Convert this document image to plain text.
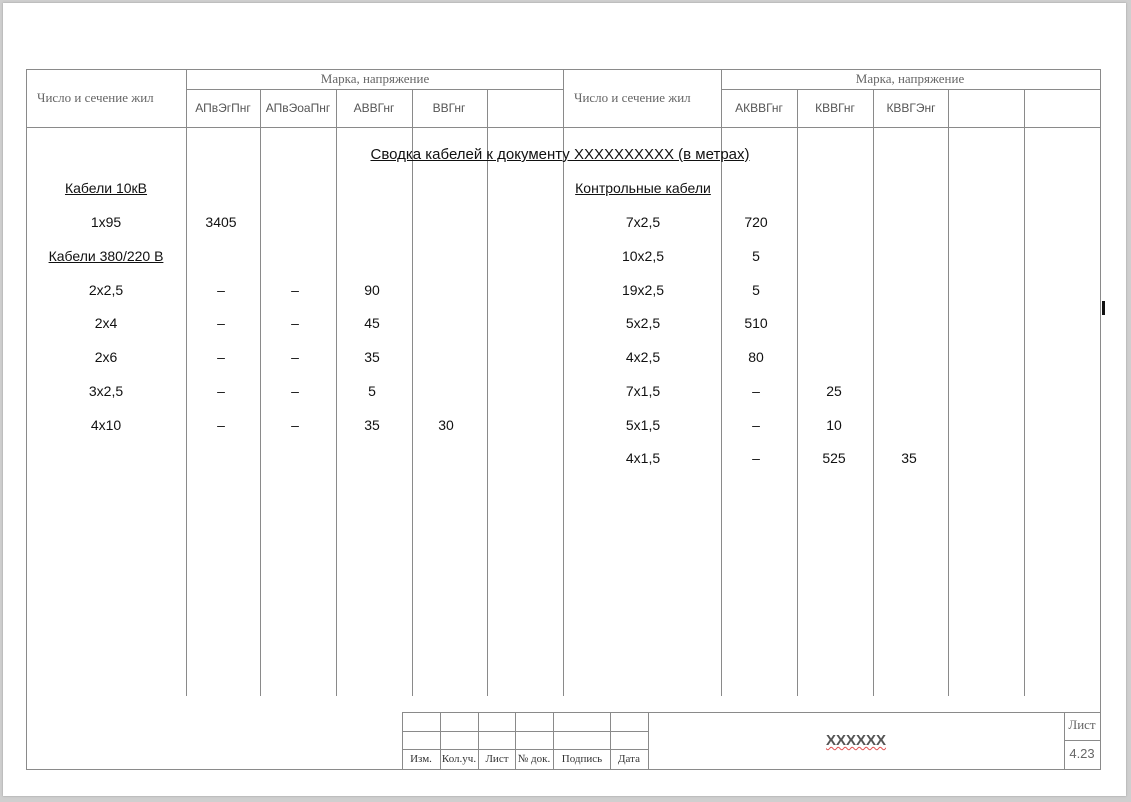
Число и сечение жил
Марка, напряжение
АПвЭгПнг АПвЭоаПнг АВВГнг	ВВГнг
Число и сечение жил
Марка, напряжение
АКВВГнг	КВВГнг	КВВГЭнг
Сводка кабелей к документу XXXXXXXXXX (в метрах)
Кабели 10кВ
Кабели 380/220 В
1х95	3405
2х2,5	–	–	90
2х4	–	–	45
2х6	–	–	35
3х2,5	–	–	5
4х10	–	–	35	30
Контрольные кабели
7х2,5	720
10х2,5	5
19х2,5	5
5х2,5	510
4х2,5	80
7х1,5	–	25
5х1,5	–	10
4х1,5	–	525	35
Изм. Кол.уч. Лист № док. Подпись Дата
XXXXXX
Лист
4.23
